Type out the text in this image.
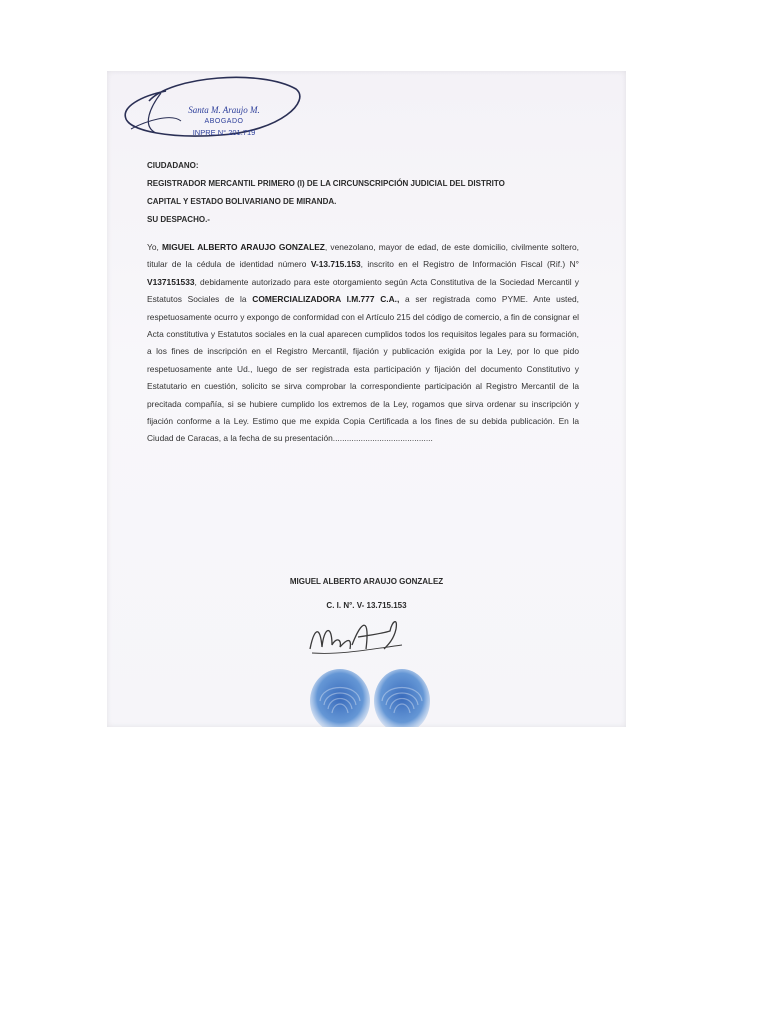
Santa M. Araujo M.
ABOGADO
INPRE N° 201.719
CIUDADANO:
REGISTRADOR MERCANTIL PRIMERO (I) DE LA CIRCUNSCRIPCIÓN JUDICIAL DEL DISTRITO
CAPITAL Y ESTADO BOLIVARIANO DE MIRANDA.
SU DESPACHO.-
Yo, MIGUEL ALBERTO ARAUJO GONZALEZ, venezolano, mayor de edad, de este domicilio, civilmente soltero, titular de la cédula de identidad número V-13.715.153, inscrito en el Registro de Información Fiscal (Rif.) N° V137151533, debidamente autorizado para este otorgamiento según Acta Constitutiva de la Sociedad Mercantil y Estatutos Sociales de la COMERCIALIZADORA I.M.777 C.A., a ser registrada como PYME. Ante usted, respetuosamente ocurro y expongo de conformidad con el Artículo 215 del código de comercio, a fin de consignar el Acta constitutiva y Estatutos sociales en la cual aparecen cumplidos todos los requisitos legales para su formación, a los fines de inscripción en el Registro Mercantil, fijación y publicación exigida por la Ley, por lo que pido respetuosamente ante Ud., luego de ser registrada esta participación y fijación del documento Constitutivo y Estatutario en cuestión, solicito se sirva comprobar la correspondiente participación al Registro Mercantil de la precitada compañía, si se hubiere cumplido los extremos de la Ley, rogamos que sirva ordenar su inscripción y fijación conforme a la Ley. Estimo que me expida Copia Certificada a los fines de su debida publicación. En la Ciudad de Caracas, a la fecha de su presentación...........................................
MIGUEL ALBERTO ARAUJO GONZALEZ
C. I. N°. V- 13.715.153
